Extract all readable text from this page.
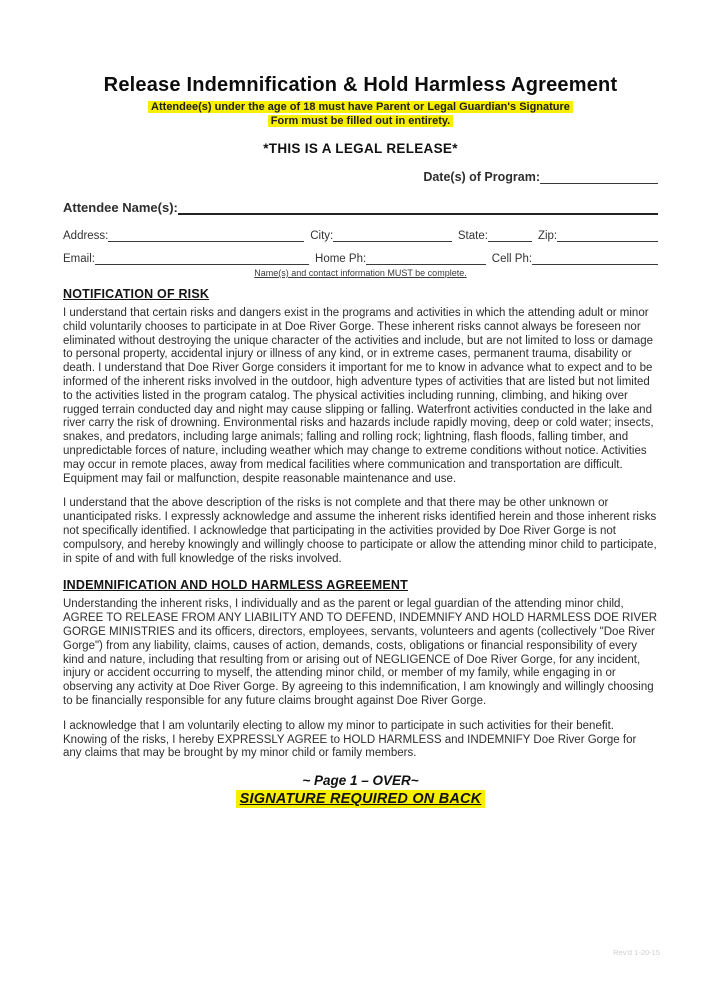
Release Indemnification & Hold Harmless Agreement
Attendee(s) under the age of 18 must have Parent or Legal Guardian's Signature
Form must be filled out in entirety.
*THIS IS A LEGAL RELEASE*
Date(s) of Program:
Attendee Name(s):
Address:	City:	State:	Zip:
Email:	Home Ph:	Cell Ph:
Name(s) and contact information MUST be complete.
NOTIFICATION OF RISK

I understand that certain risks and dangers exist in the programs and activities in which the attending adult or minor child voluntarily chooses to participate in at Doe River Gorge. These inherent risks cannot always be foreseen nor eliminated without destroying the unique character of the activities and include, but are not limited to loss or damage to personal property, accidental injury or illness of any kind, or in extreme cases, permanent trauma, disability or death. I understand that Doe River Gorge considers it important for me to know in advance what to expect and to be informed of the inherent risks involved in the outdoor, high adventure types of activities that are listed but not limited to the activities listed in the program catalog. The physical activities including running, climbing, and hiking over rugged terrain conducted day and night may cause slipping or falling. Waterfront activities conducted in the lake and river carry the risk of drowning. Environmental risks and hazards include rapidly moving, deep or cold water; insects, snakes, and predators, including large animals; falling and rolling rock; lightning, flash floods, falling timber, and unpredictable forces of nature, including weather which may change to extreme conditions without notice. Activities may occur in remote places, away from medical facilities where communication and transportation are difficult. Equipment may fail or malfunction, despite reasonable maintenance and use.

I understand that the above description of the risks is not complete and that there may be other unknown or unanticipated risks. I expressly acknowledge and assume the inherent risks identified herein and those inherent risks not specifically identified. I acknowledge that participating in the activities provided by Doe River Gorge is not compulsory, and hereby knowingly and willingly choose to participate or allow the attending minor child to participate, in spite of and with full knowledge of the risks involved.

INDEMNIFICATION AND HOLD HARMLESS AGREEMENT

Understanding the inherent risks, I individually and as the parent or legal guardian of the attending minor child, AGREE TO RELEASE FROM ANY LIABILITY AND TO DEFEND, INDEMNIFY AND HOLD HARMLESS DOE RIVER GORGE MINISTRIES and its officers, directors, employees, servants, volunteers and agents (collectively "Doe River Gorge") from any liability, claims, causes of action, demands, costs, obligations or financial responsibility of every kind and nature, including that resulting from or arising out of NEGLIGENCE of Doe River Gorge, for any incident, injury or accident occurring to myself, the attending minor child, or member of my family, while engaging in or observing any activity at Doe River Gorge. By agreeing to this indemnification, I am knowingly and willingly choosing to be financially responsible for any future claims brought against Doe River Gorge.

I acknowledge that I am voluntarily electing to allow my minor to participate in such activities for their benefit. Knowing of the risks, I hereby EXPRESSLY AGREE to HOLD HARMLESS and INDEMNIFY Doe River Gorge for any claims that may be brought by my minor child or family members.

~ Page 1 – OVER~
SIGNATURE REQUIRED ON BACK
Rev'd 1-20-15
